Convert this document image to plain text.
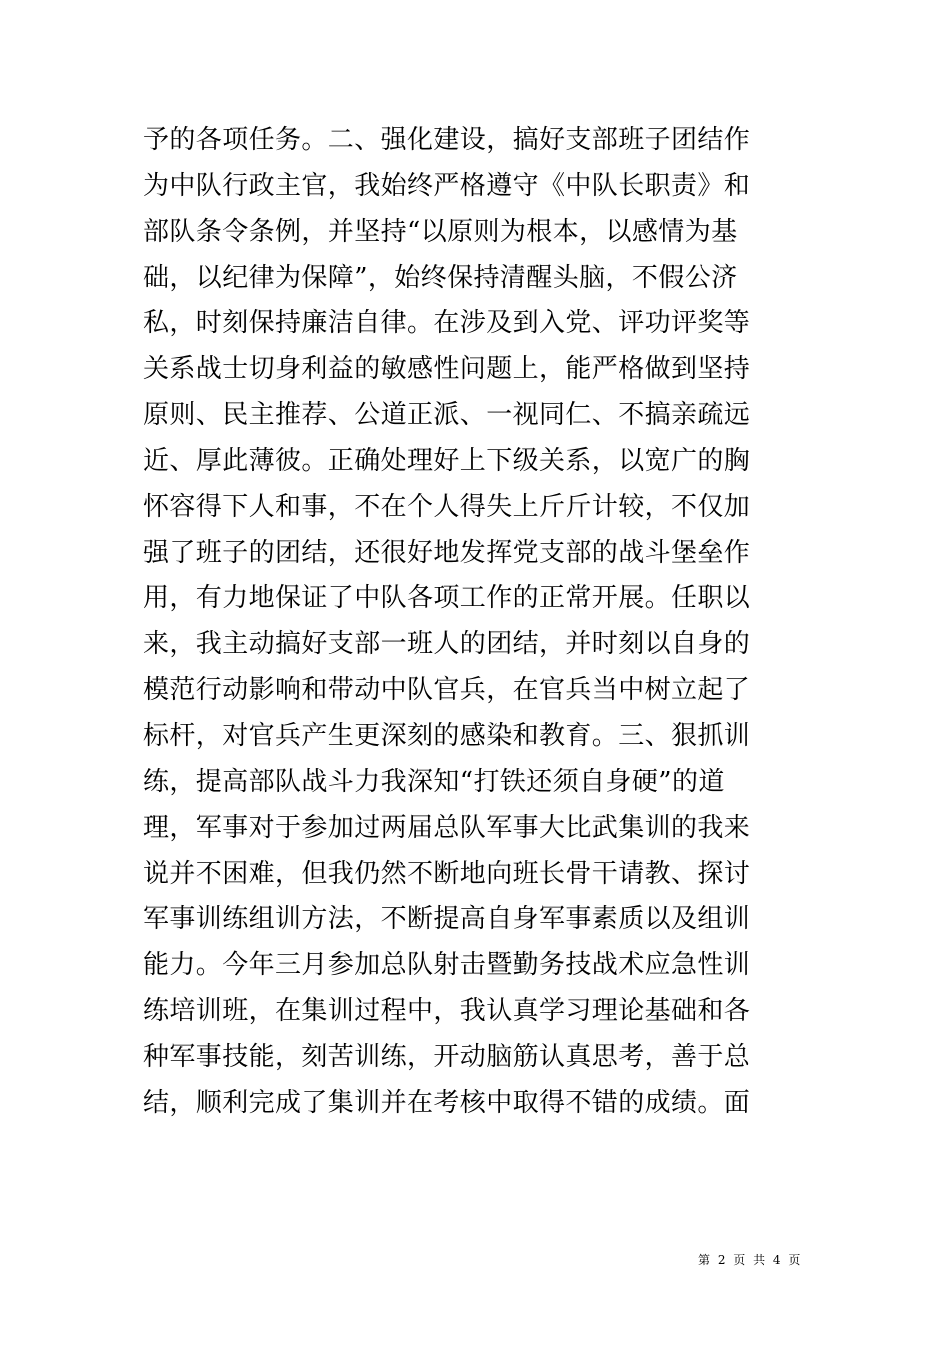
予的各项任务。二、强化建设，搞好支部班子团结作
为中队行政主官，我始终严格遵守《中队长职责》和
部队条令条例，并坚持“以原则为根本，以感情为基
础，以纪律为保障”，始终保持清醒头脑，不假公济
私，时刻保持廉洁自律。在涉及到入党、评功评奖等
关系战士切身利益的敏感性问题上，能严格做到坚持
原则、民主推荐、公道正派、一视同仁、不搞亲疏远
近、厚此薄彼。正确处理好上下级关系，以宽广的胸
怀容得下人和事，不在个人得失上斤斤计较，不仅加
强了班子的团结，还很好地发挥党支部的战斗堡垒作
用，有力地保证了中队各项工作的正常开展。任职以
来，我主动搞好支部一班人的团结，并时刻以自身的
模范行动影响和带动中队官兵，在官兵当中树立起了
标杆，对官兵产生更深刻的感染和教育。三、狠抓训
练，提高部队战斗力我深知“打铁还须自身硬”的道
理，军事对于参加过两届总队军事大比武集训的我来
说并不困难，但我仍然不断地向班长骨干请教、探讨
军事训练组训方法，不断提高自身军事素质以及组训
能力。今年三月参加总队射击暨勤务技战术应急性训
练培训班，在集训过程中，我认真学习理论基础和各
种军事技能，刻苦训练，开动脑筋认真思考，善于总
结，顺利完成了集训并在考核中取得不错的成绩。面
第 2 页 共 4 页
